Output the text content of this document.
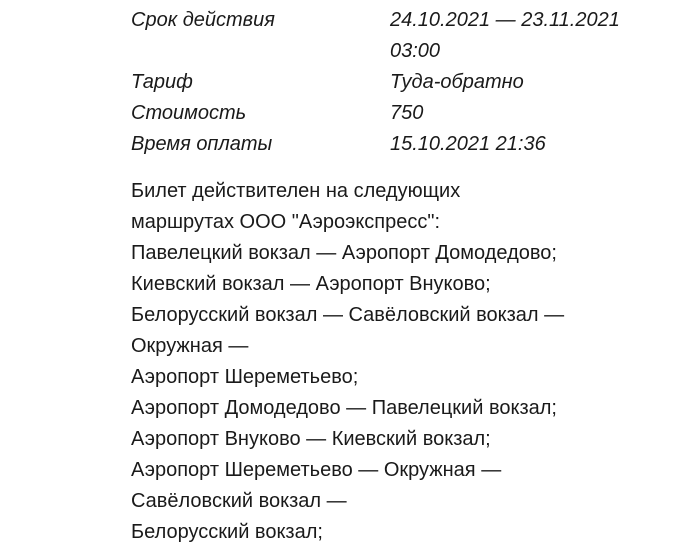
Срок действия	24.10.2021 — 23.11.2021
03:00
Тариф	Туда-обратно
Стоимость	750
Время оплаты	15.10.2021 21:36
Билет действителен на следующих
маршрутах ООО "Аэроэкспресс":
Павелецкий вокзал — Аэропорт Домодедово;
Киевский вокзал — Аэропорт Внуково;
Белорусский вокзал — Савёловский вокзал —
Окружная —
Аэропорт Шереметьево;
Аэропорт Домодедово — Павелецкий вокзал;
Аэропорт Внуково — Киевский вокзал;
Аэропорт Шереметьево — Окружная —
Савёловский вокзал —
Белорусский вокзал;
